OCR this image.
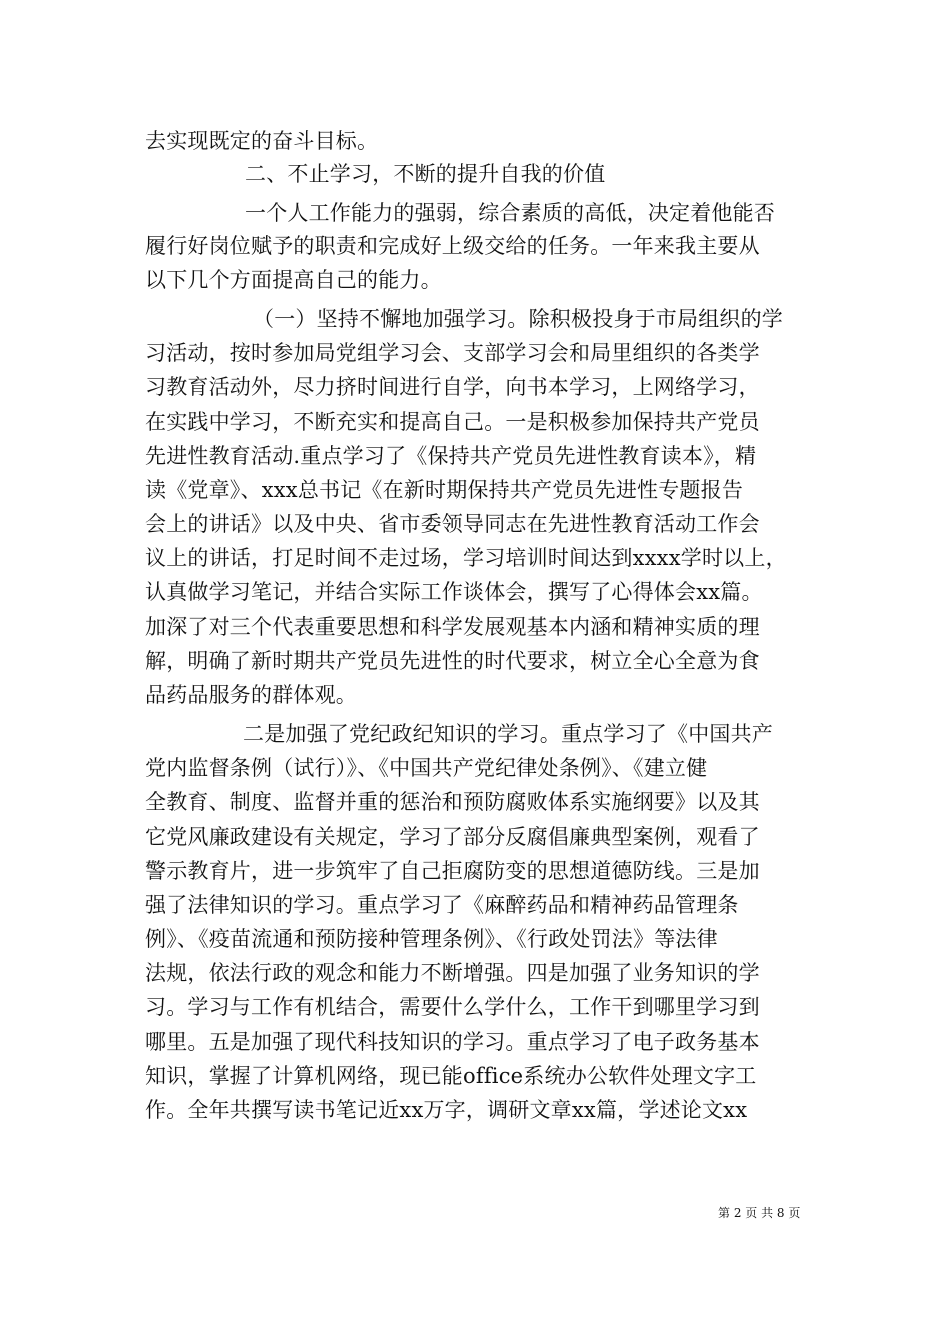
去实现既定的奋斗目标。
二、不止学习，不断的提升自我的价值
一个人工作能力的强弱，综合素质的高低，决定着他能否
履行好岗位赋予的职责和完成好上级交给的任务。一年来我主要从
以下几个方面提高自己的能力。
（一）坚持不懈地加强学习。除积极投身于市局组织的学
习活动，按时参加局党组学习会、支部学习会和局里组织的各类学
习教育活动外，尽力挤时间进行自学，向书本学习，上网络学习，
在实践中学习，不断充实和提高自己。一是积极参加保持共产党员
先进性教育活动.重点学习了《保持共产党员先进性教育读本》，精
读《党章》、xxx总书记《在新时期保持共产党员先进性专题报告
会上的讲话》以及中央、省市委领导同志在先进性教育活动工作会
议上的讲话，打足时间不走过场，学习培训时间达到xxxx学时以上，
认真做学习笔记，并结合实际工作谈体会，撰写了心得体会xx篇。
加深了对三个代表重要思想和科学发展观基本内涵和精神实质的理
解，明确了新时期共产党员先进性的时代要求，树立全心全意为食
品药品服务的群体观。
二是加强了党纪政纪知识的学习。重点学习了《中国共产
党内监督条例（试行）》、《中国共产党纪律处条例》、《建立健
全教育、制度、监督并重的惩治和预防腐败体系实施纲要》以及其
它党风廉政建设有关规定，学习了部分反腐倡廉典型案例，观看了
警示教育片，进一步筑牢了自己拒腐防变的思想道德防线。三是加
强了法律知识的学习。重点学习了《麻醉药品和精神药品管理条
例》、《疫苗流通和预防接种管理条例》、《行政处罚法》等法律
法规，依法行政的观念和能力不断增强。四是加强了业务知识的学
习。学习与工作有机结合，需要什么学什么，工作干到哪里学习到
哪里。五是加强了现代科技知识的学习。重点学习了电子政务基本
知识，掌握了计算机网络，现已能office系统办公软件处理文字工
作。全年共撰写读书笔记近xx万字，调研文章xx篇，学述论文xx
第 2 页 共 8 页
